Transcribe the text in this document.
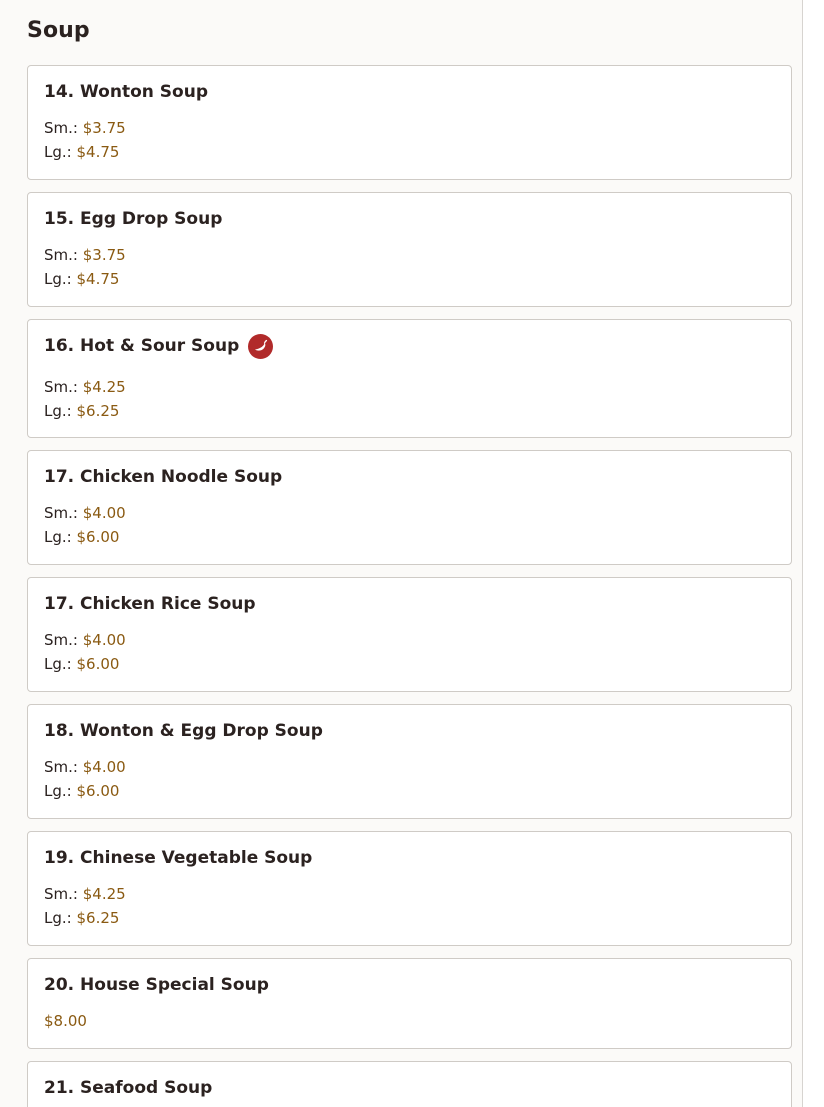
Soup
14. Wonton Soup
Sm.: $3.75
Lg.: $4.75
15. Egg Drop Soup
Sm.: $3.75
Lg.: $4.75
16. Hot & Sour Soup
Sm.: $4.25
Lg.: $6.25
17. Chicken Noodle Soup
Sm.: $4.00
Lg.: $6.00
17. Chicken Rice Soup
Sm.: $4.00
Lg.: $6.00
18. Wonton & Egg Drop Soup
Sm.: $4.00
Lg.: $6.00
19. Chinese Vegetable Soup
Sm.: $4.25
Lg.: $6.25
20. House Special Soup
$8.00
21. Seafood Soup
